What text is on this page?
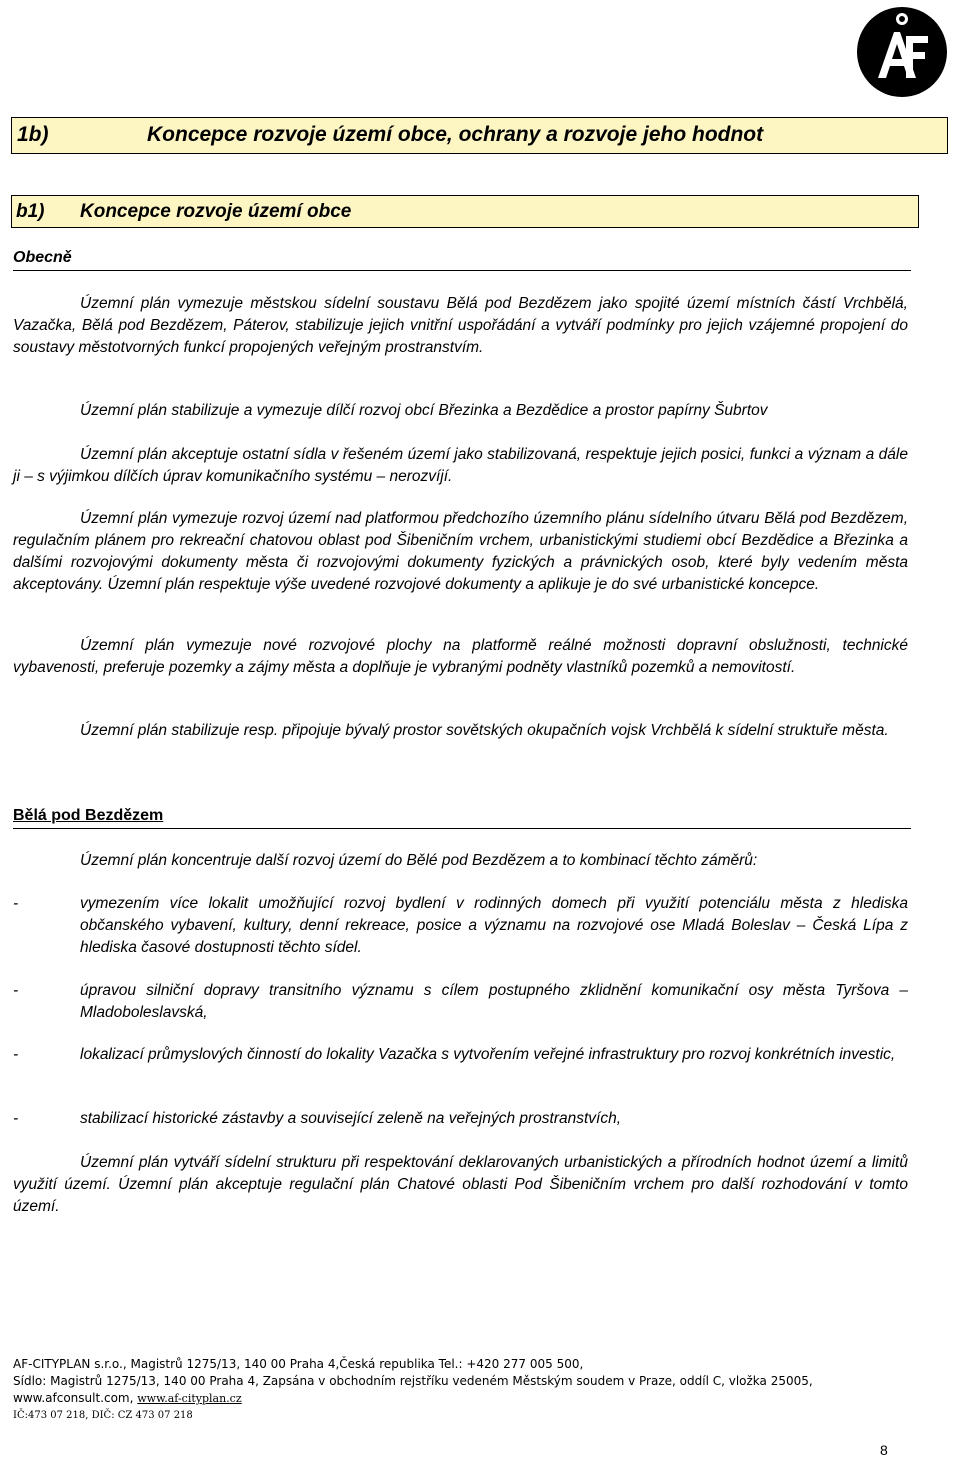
1b)	Koncepce rozvoje území obce, ochrany a rozvoje jeho hodnot
b1) Koncepce rozvoje území obce
Obecně

Územní plán vymezuje městskou sídelní soustavu Bělá pod Bezdězem jako spojité území místních částí Vrchbělá, Vazačka, Bělá pod Bezdězem, Páterov, stabilizuje jejich vnitřní uspořádání a vytváří podmínky pro jejich vzájemné propojení do soustavy městotvorných funkcí propojených veřejným prostranstvím.

Územní plán stabilizuje a vymezuje dílčí rozvoj obcí Březinka a Bezdědice a prostor papírny Šubrtov

Územní plán akceptuje ostatní sídla v řešeném území jako stabilizovaná, respektuje jejich posici, funkci a význam a dále ji – s výjimkou dílčích úprav komunikačního systému – nerozvíjí.

Územní plán vymezuje rozvoj území nad platformou předchozího územního plánu sídelního útvaru Bělá pod Bezdězem, regulačním plánem pro rekreační chatovou oblast pod Šibeničním vrchem, urbanistickými studiemi obcí Bezdědice a Březinka a dalšími rozvojovými dokumenty města či rozvojovými dokumenty fyzických a právnických osob, které byly vedením města akceptovány. Územní plán respektuje výše uvedené rozvojové dokumenty a aplikuje je do své urbanistické koncepce.

Územní plán vymezuje nové rozvojové plochy na platformě reálné možnosti dopravní obslužnosti, technické vybavenosti, preferuje pozemky a zájmy města a doplňuje je vybranými podněty vlastníků pozemků a nemovitostí.

Územní plán stabilizuje resp. připojuje bývalý prostor sovětských okupačních vojsk Vrchbělá k sídelní struktuře města.

Bělá pod Bezdězem

Územní plán koncentruje další rozvoj území do Bělé pod Bezdězem a to kombinací těchto záměrů:

-	vymezením více lokalit umožňující rozvoj bydlení v rodinných domech při využití potenciálu města z hlediska občanského vybavení, kultury, denní rekreace, posice a významu na rozvojové ose Mladá Boleslav – Česká Lípa z hlediska časové dostupnosti těchto sídel.
-	úpravou silniční dopravy transitního významu s cílem postupného zklidnění komunikační osy města Tyršova – Mladoboleslavská,
-	lokalizací průmyslových činností do lokality Vazačka s vytvořením veřejné infrastruktury pro rozvoj konkrétních investic,
-	stabilizací historické zástavby a související zeleně na veřejných prostranstvích,

Územní plán vytváří sídelní strukturu při respektování deklarovaných urbanistických a přírodních hodnot území a limitů využití území. Územní plán akceptuje regulační plán Chatové oblasti Pod Šibeničním vrchem pro další rozhodování v tomto území.

AF-CITYPLAN s.r.o., Magistrů 1275/13, 140 00 Praha 4,Česká republika Tel.: +420 277 005 500,
Sídlo: Magistrů 1275/13, 140 00 Praha 4, Zapsána v obchodním rejstříku vedeném Městským soudem v Praze, oddíl C, vložka 25005,
www.afconsult.com, www.af-cityplan.cz
IČ:473 07 218, DIČ: CZ 473 07 218
8
